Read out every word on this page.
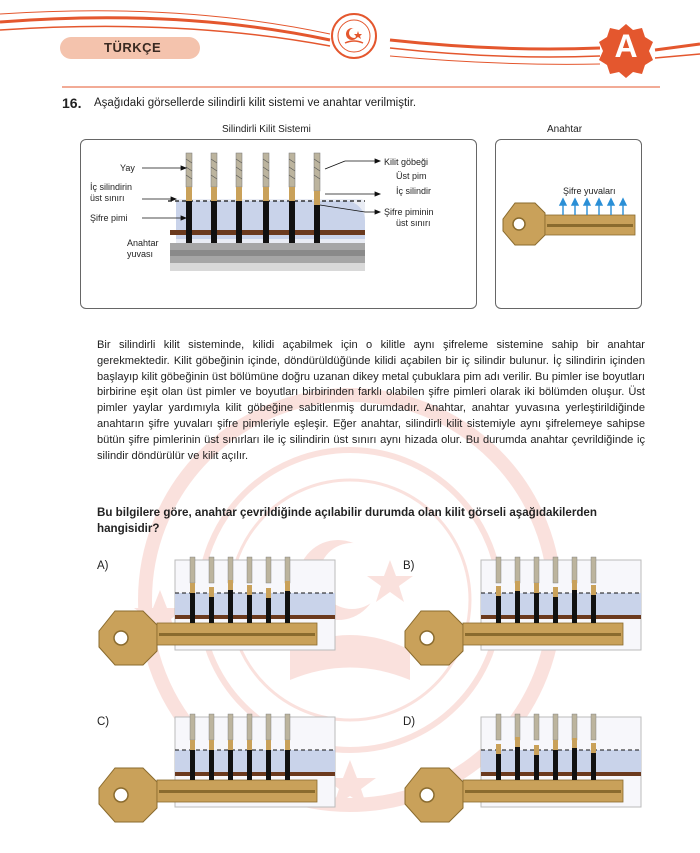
TÜRKÇE	A
16. Aşağıdaki görsellerde silindirli kilit sistemi ve anahtar verilmiştir.
Silindirli Kilit Sistemi	Anahtar
Yay
İç silindirin
üst sınırı
Şifre pimi
Anahtar
yuvası
Kilit göbeği
Üst pim
İç silindir
Şifre piminin
üst sınırı
Şifre yuvaları

Bir silindirli kilit sisteminde, kilidi açabilmek için o kilitle aynı şifreleme sistemine sahip bir anahtar gerekmektedir. Kilit göbeğinin içinde, döndürüldüğünde kilidi açabilen bir iç silindir bulunur. İç silindirin içinden başlayıp kilit göbeğinin üst bölümüne doğru uzanan dikey metal çubuklara pim adı verilir. Bu pimler ise boyutları birbirine eşit olan üst pimler ve boyutları birbirinden farklı olabilen şifre pimleri olarak iki bölümden oluşur. Üst pimler yaylar yardımıyla kilit göbeğine sabitlenmiş durumdadır. Anahtar, anahtar yuvasına yerleştirildiğinde anahtarın şifre yuvaları şifre pimleriyle eşleşir. Eğer anahtar, silindirli kilit sistemiyle aynı şifrelemeye sahipse bütün şifre pimlerinin üst sınırları ile iç silindirin üst sınırı aynı hizada olur. Bu durumda anahtar çevrildiğinde iç silindir döndürülür ve kilit açılır.

Bu bilgilere göre, anahtar çevrildiğinde açılabilir durumda olan kilit görseli aşağıdakilerden hangisidir?
A)	B)
C)	D)
